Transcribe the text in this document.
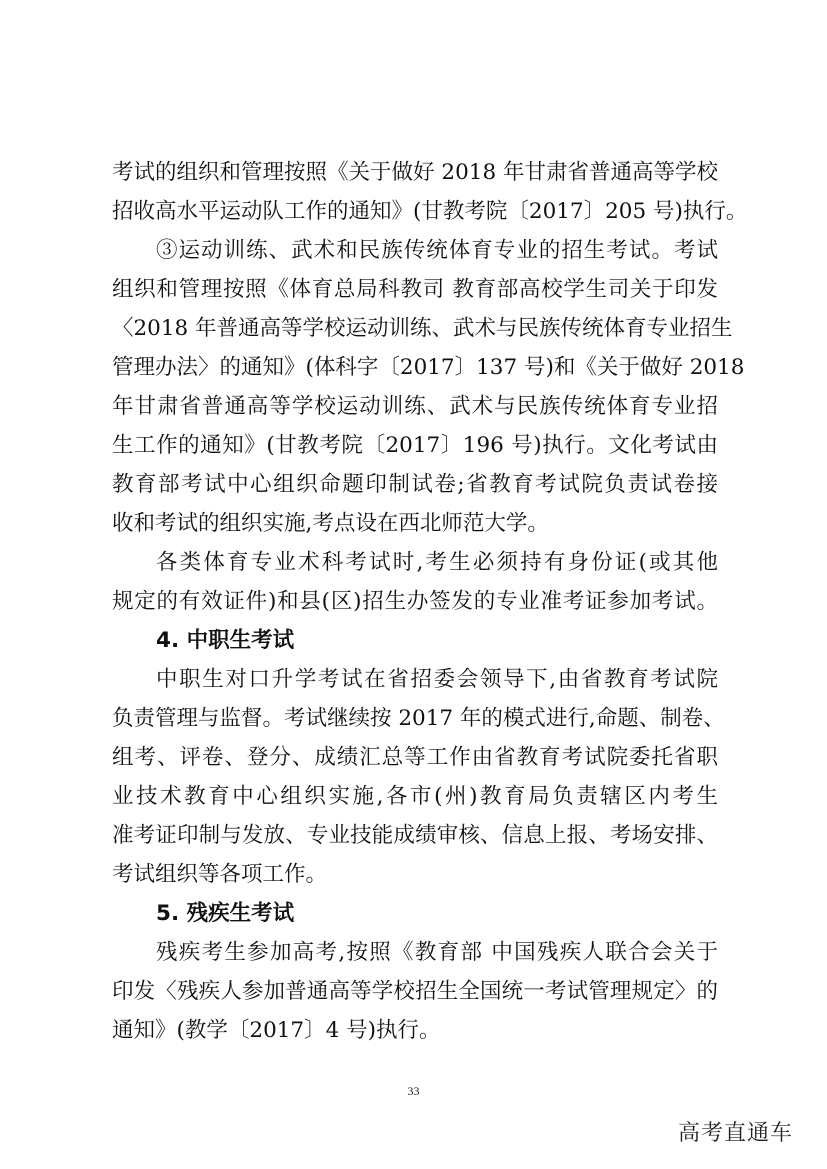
考试的组织和管理按照《关于做好 2018 年甘肃省普通高等学校
招收高水平运动队工作的通知》(甘教考院〔2017〕205 号)执行。
③运动训练、武术和民族传统体育专业的招生考试。考试
组织和管理按照《体育总局科教司 教育部高校学生司关于印发
〈2018 年普通高等学校运动训练、武术与民族传统体育专业招生
管理办法〉的通知》(体科字〔2017〕137 号)和《关于做好 2018
年甘肃省普通高等学校运动训练、武术与民族传统体育专业招
生工作的通知》(甘教考院〔2017〕196 号)执行。文化考试由
教育部考试中心组织命题印制试卷;省教育考试院负责试卷接
收和考试的组织实施,考点设在西北师范大学。
各类体育专业术科考试时,考生必须持有身份证(或其他
规定的有效证件)和县(区)招生办签发的专业准考证参加考试。
4. 中职生考试
中职生对口升学考试在省招委会领导下,由省教育考试院
负责管理与监督。考试继续按 2017 年的模式进行,命题、制卷、
组考、评卷、登分、成绩汇总等工作由省教育考试院委托省职
业技术教育中心组织实施,各市(州)教育局负责辖区内考生
准考证印制与发放、专业技能成绩审核、信息上报、考场安排、
考试组织等各项工作。
5. 残疾生考试
残疾考生参加高考,按照《教育部 中国残疾人联合会关于
印发〈残疾人参加普通高等学校招生全国统一考试管理规定〉的
通知》(教学〔2017〕4 号)执行。
33
高考直通车
